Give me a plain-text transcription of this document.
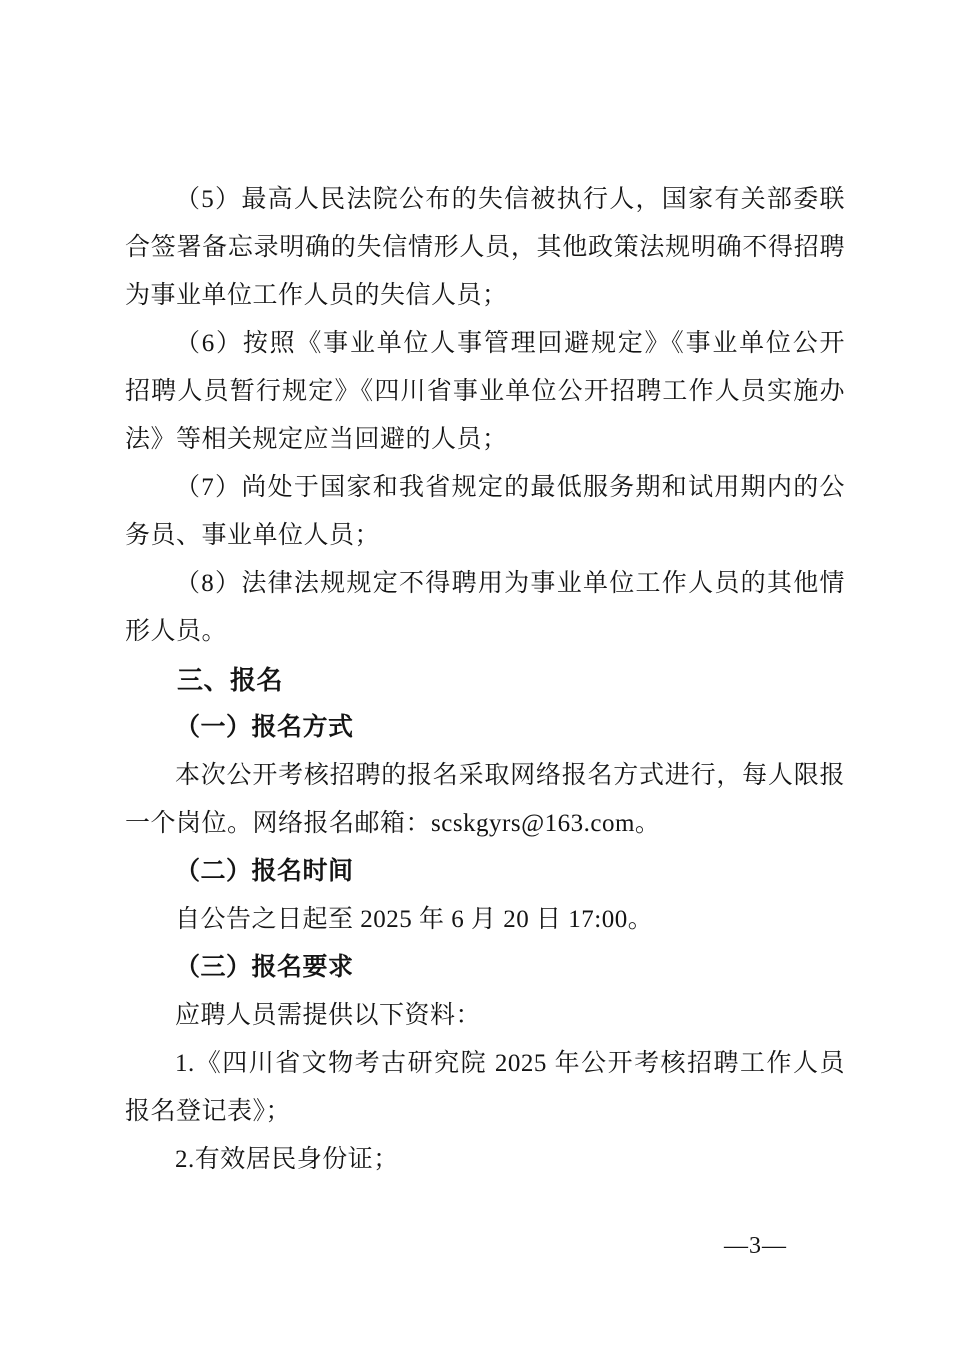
（5）最高人民法院公布的失信被执行人，国家有关部委联
合签署备忘录明确的失信情形人员，其他政策法规明确不得招聘
为事业单位工作人员的失信人员；
（6）按照《事业单位人事管理回避规定》《事业单位公开
招聘人员暂行规定》《四川省事业单位公开招聘工作人员实施办
法》等相关规定应当回避的人员；
（7）尚处于国家和我省规定的最低服务期和试用期内的公
务员、事业单位人员；
（8）法律法规规定不得聘用为事业单位工作人员的其他情
形人员。
三、报名
（一）报名方式
本次公开考核招聘的报名采取网络报名方式进行，每人限报
一个岗位。网络报名邮箱：scskgyrs@163.com。
（二）报名时间
自公告之日起至 2025 年 6 月 20 日 17:00。
（三）报名要求
应聘人员需提供以下资料：
1.《四川省文物考古研究院 2025 年公开考核招聘工作人员
报名登记表》；
2.有效居民身份证；
—3—
